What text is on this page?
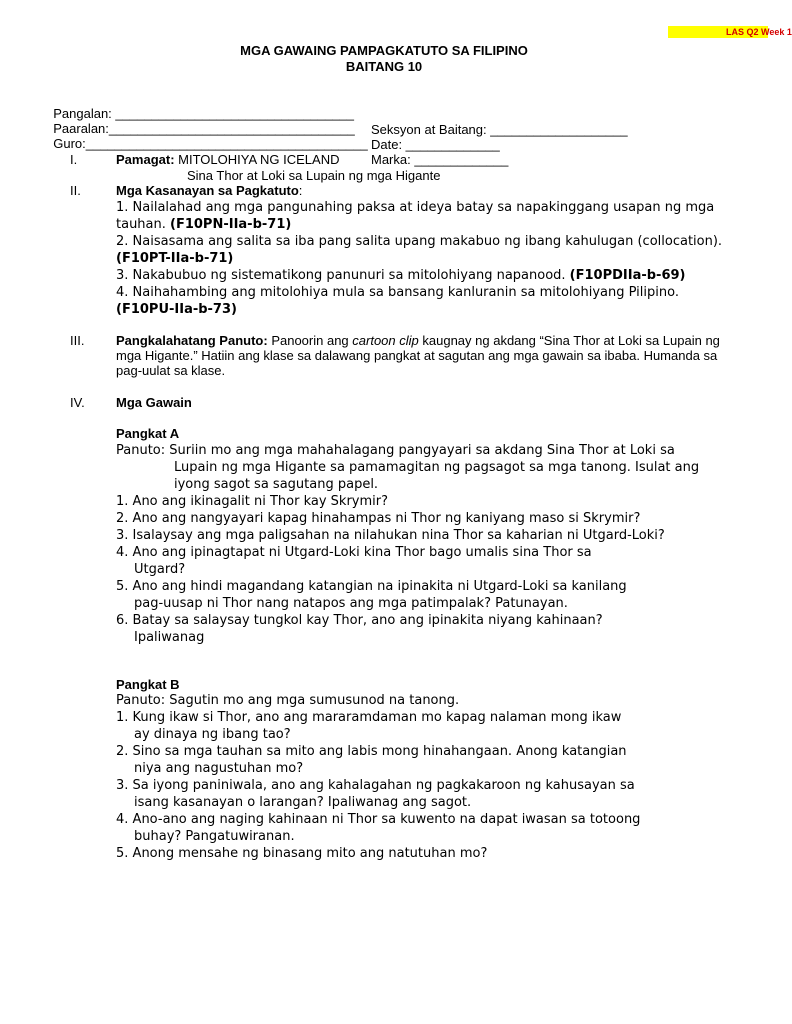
LAS Q2 Week 1
MGA GAWAING PAMPAGKATUTO SA FILIPINO
BAITANG 10

Pangalan: _________________________________

Seksyon at Baitang: ___________________

Paaralan:__________________________________

Date: _____________

Guro:_______________________________________

Marka: _____________

I.	Pamagat: MITOLOHIYA NG ICELAND
Sina Thor at Loki sa Lupain ng mga Higante
II.	Mga Kasanayan sa Pagkatuto:
1. Nailalahad ang mga pangunahing paksa at ideya batay sa napakinggang usapan ng mga tauhan. (F10PN-IIa-b-71)
2. Naisasama ang salita sa iba pang salita upang makabuo ng ibang kahulugan (collocation). (F10PT-IIa-b-71)
3. Nakabubuo ng sistematikong panunuri sa mitolohiyang napanood. (F10PDIIa-b-69)
4. Naihahambing ang mitolohiya mula sa bansang kanluranin sa mitolohiyang Pilipino. (F10PU-IIa-b-73)
III. Pangkalahatang Panuto: Panoorin ang cartoon clip kaugnay ng akdang “Sina Thor at Loki sa Lupain ng mga Higante.” Hatiin ang klase sa dalawang pangkat at sagutan ang mga gawain sa ibaba. Humanda sa pag-uulat sa klase.
IV. Mga Gawain
Pangkat A
Panuto: Suriin mo ang mga mahahalagang pangyayari sa akdang Sina Thor at Loki sa
Lupain ng mga Higante sa pamamagitan ng pagsagot sa mga tanong. Isulat ang iyong sagot sa sagutang papel.
1. Ano ang ikinagalit ni Thor kay Skrymir?
2. Ano ang nangyayari kapag hinahampas ni Thor ng kaniyang maso si Skrymir?
3. Isalaysay ang mga paligsahan na nilahukan nina Thor sa kaharian ni Utgard-Loki?
4. Ano ang ipinagtapat ni Utgard-Loki kina Thor bago umalis sina Thor sa
Utgard?
5. Ano ang hindi magandang katangian na ipinakita ni Utgard-Loki sa kanilang
pag-uusap ni Thor nang natapos ang mga patimpalak? Patunayan.
6. Batay sa salaysay tungkol kay Thor, ano ang ipinakita niyang kahinaan?
Ipaliwanag
Pangkat B
Panuto: Sagutin mo ang mga sumusunod na tanong.
1. Kung ikaw si Thor, ano ang mararamdaman mo kapag nalaman mong ikaw
ay dinaya ng ibang tao?
2. Sino sa mga tauhan sa mito ang labis mong hinahangaan. Anong katangian
niya ang nagustuhan mo?
3. Sa iyong paniniwala, ano ang kahalagahan ng pagkakaroon ng kahusayan sa
isang kasanayan o larangan? Ipaliwanag ang sagot.
4. Ano-ano ang naging kahinaan ni Thor sa kuwento na dapat iwasan sa totoong
buhay? Pangatuwiranan.
5. Anong mensahe ng binasang mito ang natutuhan mo?
